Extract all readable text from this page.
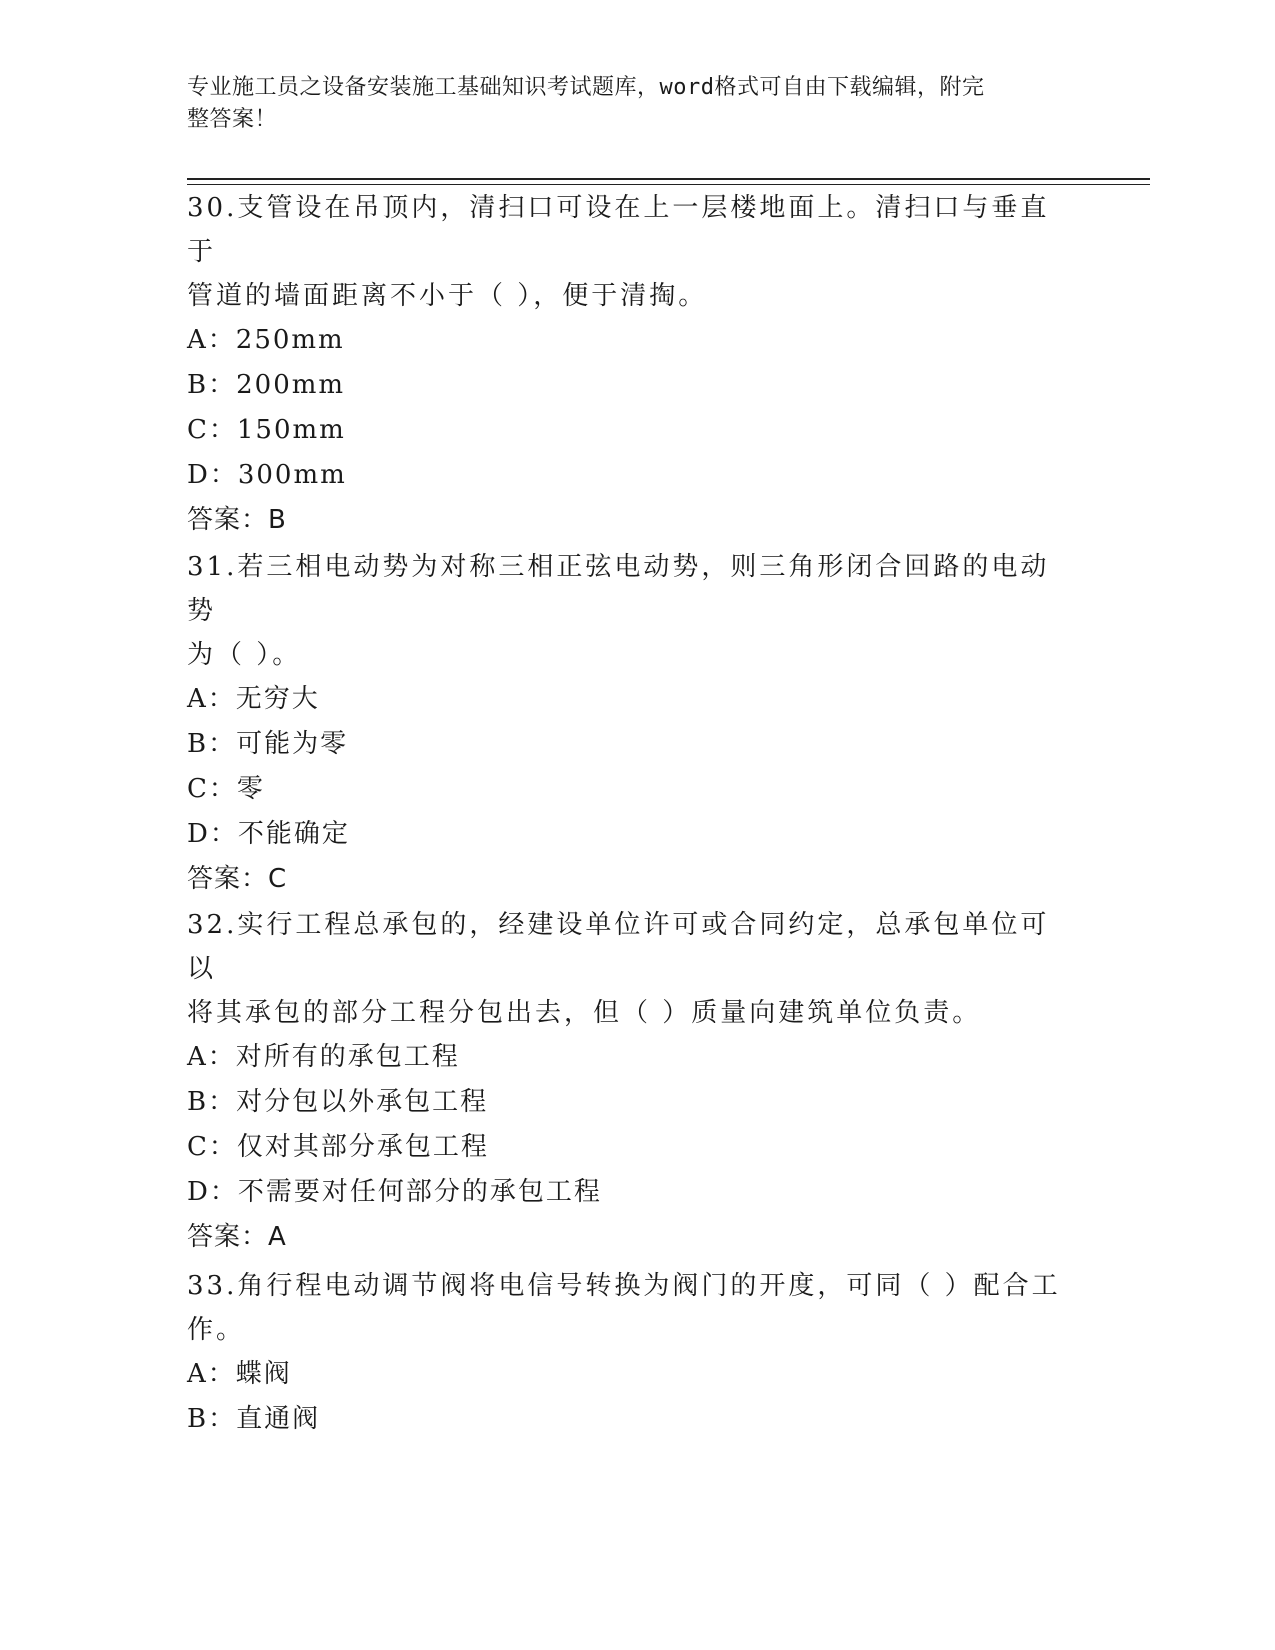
专业施工员之设备安装施工基础知识考试题库，word格式可自由下载编辑，附完
整答案！
30.支管设在吊顶内，清扫口可设在上一层楼地面上。清扫口与垂直于
管道的墙面距离不小于（ ），便于清掏。
A：250mm
B：200mm
C：150mm
D：300mm
答案：B
31.若三相电动势为对称三相正弦电动势，则三角形闭合回路的电动势
为（ ）。
A：无穷大
B：可能为零
C：零
D：不能确定
答案：C
32.实行工程总承包的，经建设单位许可或合同约定，总承包单位可以
将其承包的部分工程分包出去，但（ ）质量向建筑单位负责。
A：对所有的承包工程
B：对分包以外承包工程
C：仅对其部分承包工程
D：不需要对任何部分的承包工程
答案：A
33.角行程电动调节阀将电信号转换为阀门的开度，可同（ ）配合工
作。
A：蝶阀
B：直通阀
